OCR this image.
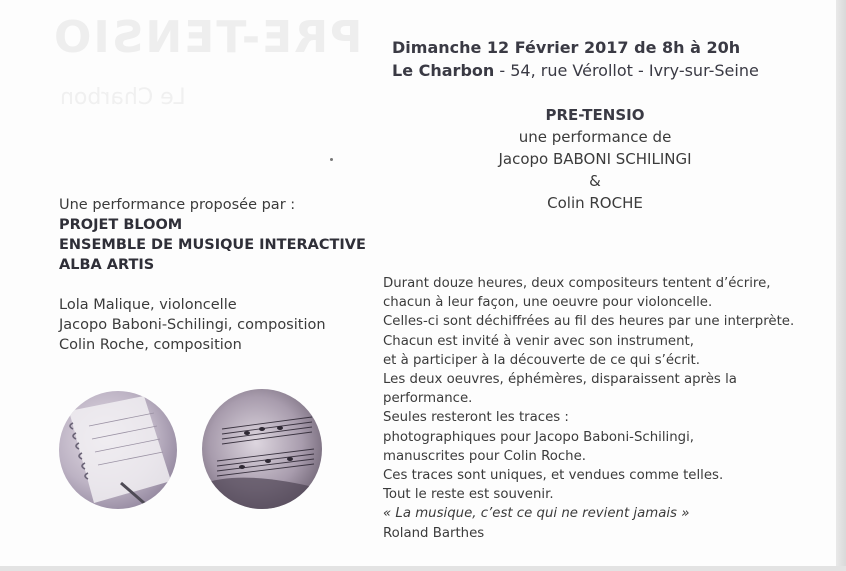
PRE-TENSIO
Le Charbon
Dimanche 12 Février 2017 de 8h à 20h
Le Charbon - 54, rue Vérollot - Ivry-sur-Seine
PRE-TENSIO
une performance de
Jacopo BABONI SCHILINGI
&
Colin ROCHE
Une performance proposée par :
PROJET BLOOM
ENSEMBLE DE MUSIQUE INTERACTIVE
ALBA ARTIS
Lola Malique, violoncelle
Jacopo Baboni-Schilingi, composition
Colin Roche, composition
Durant douze heures, deux compositeurs tentent d’écrire,
chacun à leur façon, une oeuvre pour violoncelle.
Celles-ci sont déchiffrées au fil des heures par une interprète.
Chacun est invité à venir avec son instrument,
et à participer à la découverte de ce qui s’écrit.
Les deux oeuvres, éphémères, disparaissent après la performance.
Seules resteront les traces :
photographiques pour Jacopo Baboni-Schilingi,
manuscrites pour Colin Roche.
Ces traces sont uniques, et vendues comme telles.
Tout le reste est souvenir.
« La musique, c’est ce qui ne revient jamais »
Roland Barthes
